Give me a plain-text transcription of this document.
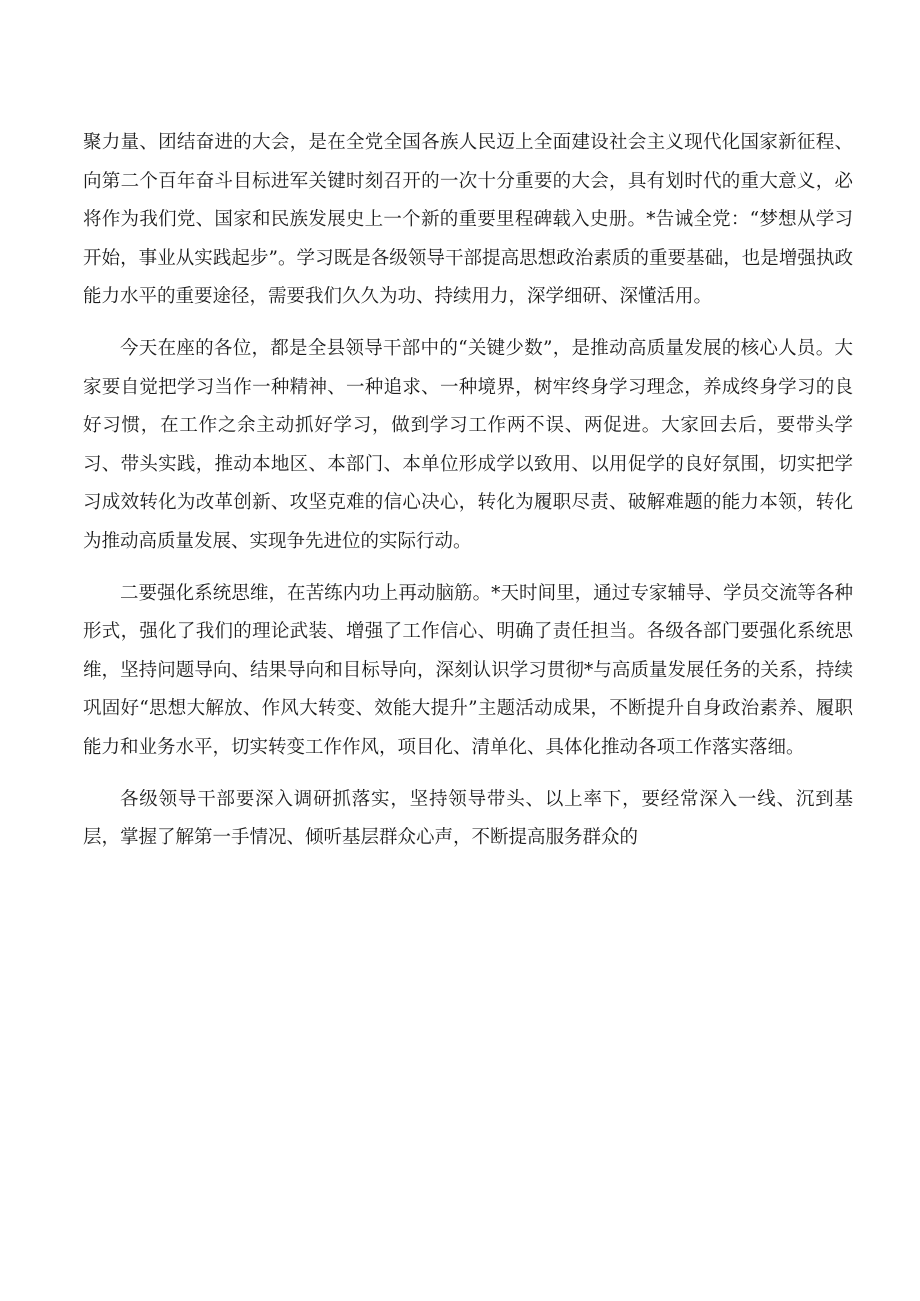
聚力量、团结奋进的大会，是在全党全国各族人民迈上全面建设社会主义现代化国家新征程、向第二个百年奋斗目标进军关键时刻召开的一次十分重要的大会，具有划时代的重大意义，必将作为我们党、国家和民族发展史上一个新的重要里程碑载入史册。*告诫全党：“梦想从学习开始，事业从实践起步”。学习既是各级领导干部提高思想政治素质的重要基础，也是增强执政能力水平的重要途径，需要我们久久为功、持续用力，深学细研、深懂活用。

今天在座的各位，都是全县领导干部中的“关键少数”，是推动高质量发展的核心人员。大家要自觉把学习当作一种精神、一种追求、一种境界，树牢终身学习理念，养成终身学习的良好习惯，在工作之余主动抓好学习，做到学习工作两不误、两促进。大家回去后，要带头学习、带头实践，推动本地区、本部门、本单位形成学以致用、以用促学的良好氛围，切实把学习成效转化为改革创新、攻坚克难的信心决心，转化为履职尽责、破解难题的能力本领，转化为推动高质量发展、实现争先进位的实际行动。

二要强化系统思维，在苦练内功上再动脑筋。*天时间里，通过专家辅导、学员交流等各种形式，强化了我们的理论武装、增强了工作信心、明确了责任担当。各级各部门要强化系统思维，坚持问题导向、结果导向和目标导向，深刻认识学习贯彻*与高质量发展任务的关系，持续巩固好“思想大解放、作风大转变、效能大提升”主题活动成果，不断提升自身政治素养、履职能力和业务水平，切实转变工作作风，项目化、清单化、具体化推动各项工作落实落细。

各级领导干部要深入调研抓落实，坚持领导带头、以上率下，要经常深入一线、沉到基层，掌握了解第一手情况、倾听基层群众心声，不断提高服务群众的
